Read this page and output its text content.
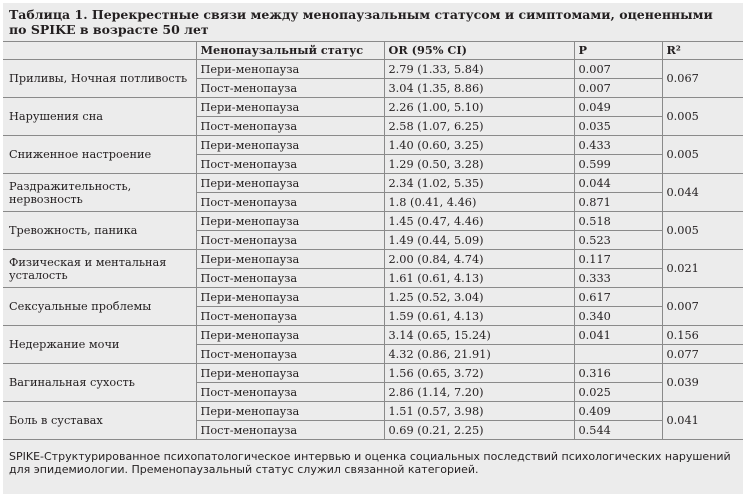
Таблица 1. Перекрестные связи между менопаузальным статусом и симптомами, оцененными по SPIKE в возрасте 50 лет
	Менопаузальный статус	OR (95% CI)	P	R²
Приливы, Ночная потливость	Пери-менопауза	2.79 (1.33, 5.84)	0.007	0.067
	Пост-менопауза	3.04 (1.35, 8.86)	0.007	
Нарушения сна	Пери-менопауза	2.26 (1.00, 5.10)	0.049	0.005
	Пост-менопауза	2.58 (1.07, 6.25)	0.035	
Сниженное настроение	Пери-менопауза	1.40 (0.60, 3.25)	0.433	0.005
	Пост-менопауза	1.29 (0.50, 3.28)	0.599	
Раздражительность, нервозность	Пери-менопауза	2.34 (1.02, 5.35)	0.044	0.044
	Пост-менопауза	1.8 (0.41, 4.46)	0.871	
Тревожность, паника	Пери-менопауза	1.45 (0.47, 4.46)	0.518	0.005
	Пост-менопауза	1.49 (0.44, 5.09)	0.523	
Физическая и ментальная усталость	Пери-менопауза	2.00 (0.84, 4.74)	0.117	0.021
	Пост-менопауза	1.61 (0.61, 4.13)	0.333	
Сексуальные проблемы	Пери-менопауза	1.25 (0.52, 3.04)	0.617	0.007
	Пост-менопауза	1.59 (0.61, 4.13)	0.340	
Недержание мочи	Пери-менопауза	3.14 (0.65, 15.24)	0.041	0.156
	Пост-менопауза	4.32 (0.86, 21.91)		0.077
Вагинальная сухость	Пери-менопауза	1.56 (0.65, 3.72)	0.316	0.039
	Пост-менопауза	2.86 (1.14, 7.20)	0.025	
Боль в суставах	Пери-менопауза	1.51 (0.57, 3.98)	0.409	0.041
	Пост-менопауза	0.69 (0.21, 2.25)	0.544	
SPIKE-Структурированное психопатологическое интервью и оценка социальных последствий психологических нарушений для эпидемиологии. Пременопаузальный статус служил связанной категорией.
